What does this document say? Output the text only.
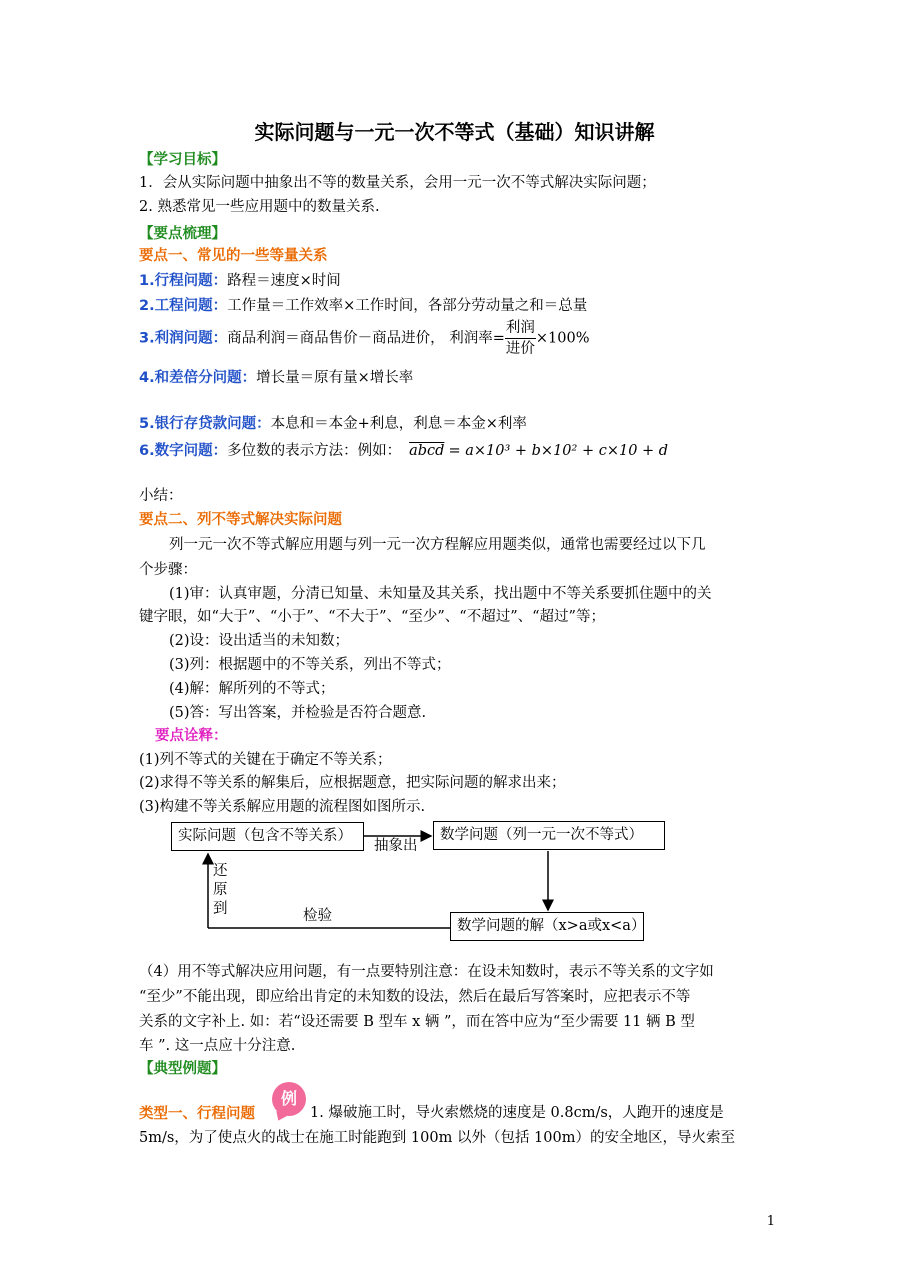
实际问题与一元一次不等式（基础）知识讲解
【学习目标】
1．会从实际问题中抽象出不等的数量关系，会用一元一次不等式解决实际问题；
2. 熟悉常见一些应用题中的数量关系.
【要点梳理】
要点一、常见的一些等量关系
1.行程问题：路程＝速度×时间
2.工程问题：工作量＝工作效率×工作时间，各部分劳动量之和＝总量
3.利润问题：商品利润＝商品售价－商品进价， 利润率= $\frac{\text{利润}}{\text{进价}} \times 100\%$
4.和差倍分问题：增长量＝原有量×增长率
5.银行存贷款问题：本息和＝本金+利息，利息＝本金×利率
6.数字问题：多位数的表示方法：例如： abcd = a×10³ + b×10² + c×10 + d
小结：
要点二、列不等式解决实际问题
列一元一次不等式解应用题与列一元一次方程解应用题类似，通常也需要经过以下几
个步骤：
(1)审：认真审题，分清已知量、未知量及其关系，找出题中不等关系要抓住题中的关
键字眼，如“大于”、“小于”、“不大于”、“至少”、“不超过”、“超过”等；
(2)设：设出适当的未知数；
(3)列：根据题中的不等关系，列出不等式；
(4)解：解所列的不等式；
(5)答：写出答案，并检验是否符合题意.
要点诠释：
(1)列不等式的关键在于确定不等关系；
(2)求得不等关系的解集后，应根据题意，把实际问题的解求出来；
(3)构建不等关系解应用题的流程图如图所示.
实际问题（包含不等关系）	数学问题（列一元一次不等式）
数学问题的解（x>a或x<a）
抽象出
还原到	检验
（4）用不等式解决应用问题，有一点要特别注意：在设未知数时，表示不等关系的文字如
“至少”不能出现，即应给出肯定的未知数的设法，然后在最后写答案时，应把表示不等
关系的文字补上. 如：若“设还需要 B 型车 x 辆 ”，而在答中应为“至少需要 11 辆 B 型
车 ”. 这一点应十分注意.
【典型例题】
类型一、行程问题
例
1. 爆破施工时，导火索燃烧的速度是 0.8cm/s，人跑开的速度是
5m/s，为了使点火的战士在施工时能跑到 100m 以外（包括 100m）的安全地区，导火索至
1
